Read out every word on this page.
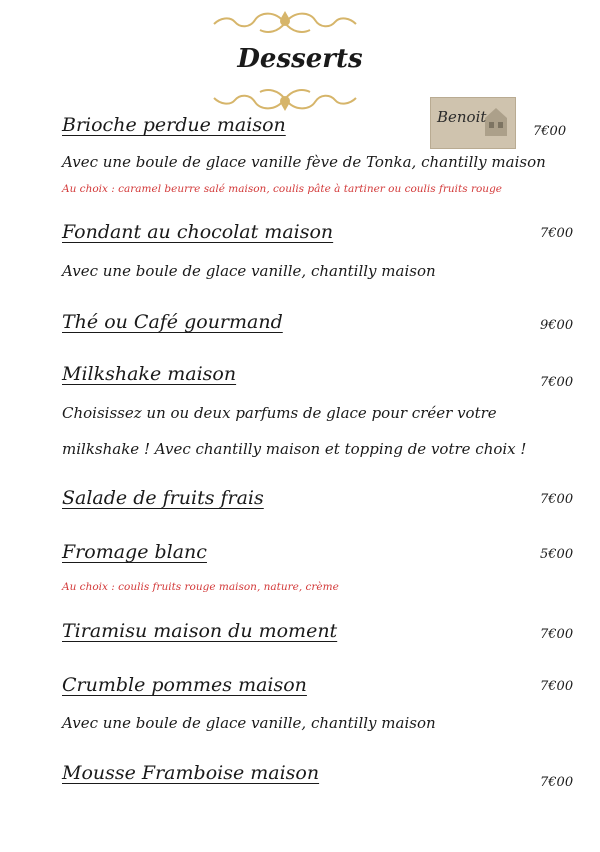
Desserts
Benoit
Brioche perdue maison	7€00
Avec une boule de glace vanille fève de Tonka, chantilly maison
Au choix : caramel beurre salé maison, coulis pâte à tartiner ou coulis fruits rouge
Fondant au chocolat maison	7€00
Avec une boule de glace vanille, chantilly maison
Thé ou Café gourmand	9€00
Milkshake maison	7€00
Choisissez un ou deux parfums de glace pour créer votre
milkshake ! Avec chantilly maison et topping de votre choix !
Salade de fruits frais	7€00
Fromage blanc	5€00
Au choix : coulis fruits rouge maison, nature, crème
Tiramisu maison du moment	7€00
Crumble pommes maison	7€00
Avec une boule de glace vanille, chantilly maison
Mousse Framboise maison	7€00
